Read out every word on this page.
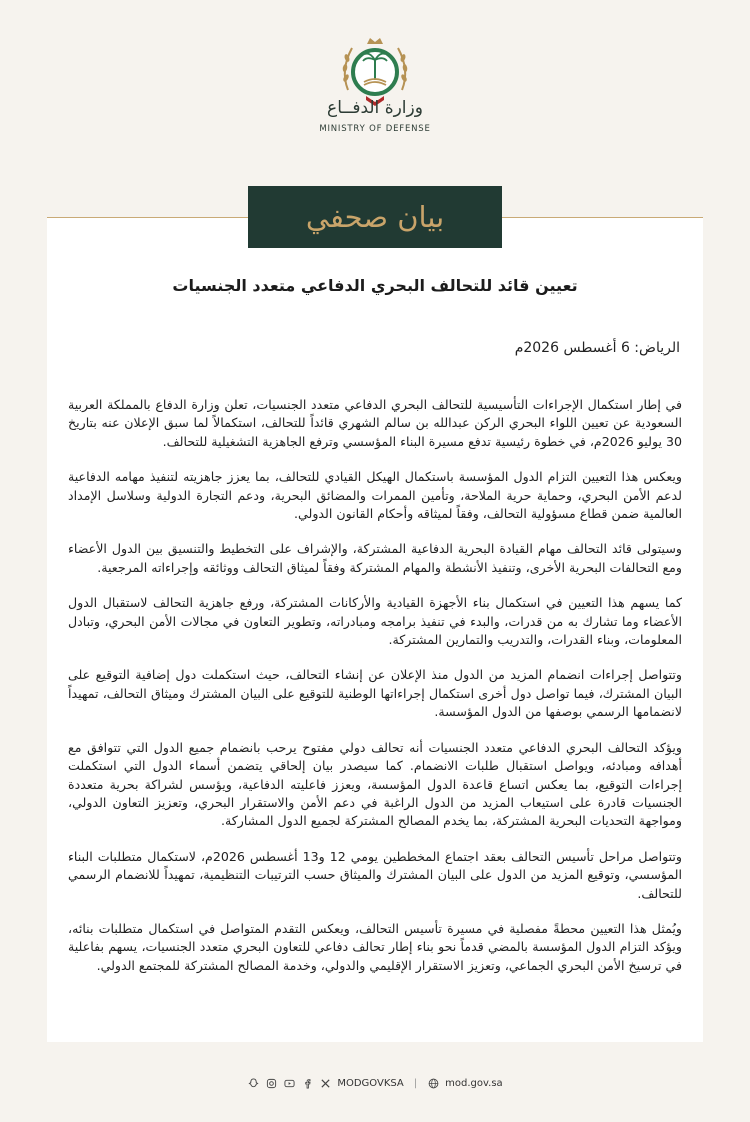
وزارة الدفــاع
MINISTRY OF DEFENSE
بيان صحفي
تعيين قائد للتحالف البحري الدفاعي متعدد الجنسيات
الرياض: 6 أغسطس 2026م

في إطار استكمال الإجراءات التأسيسية للتحالف البحري الدفاعي متعدد الجنسيات، تعلن وزارة الدفاع بالمملكة العربية السعودية عن تعيين اللواء البحري الركن عبدالله بن سالم الشهري قائداً للتحالف، استكمالاً لما سبق الإعلان عنه بتاريخ 30 يوليو 2026م، في خطوة رئيسية تدفع مسيرة البناء المؤسسي وترفع الجاهزية التشغيلية للتحالف.

ويعكس هذا التعيين التزام الدول المؤسسة باستكمال الهيكل القيادي للتحالف، بما يعزز جاهزيته لتنفيذ مهامه الدفاعية لدعم الأمن البحري، وحماية حرية الملاحة، وتأمين الممرات والمضائق البحرية، ودعم التجارة الدولية وسلاسل الإمداد العالمية ضمن قطاع مسؤولية التحالف، وفقاً لميثاقه وأحكام القانون الدولي.

وسيتولى قائد التحالف مهام القيادة البحرية الدفاعية المشتركة، والإشراف على التخطيط والتنسيق بين الدول الأعضاء ومع التحالفات البحرية الأخرى، وتنفيذ الأنشطة والمهام المشتركة وفقاً لميثاق التحالف ووثائقه وإجراءاته المرجعية.

كما يسهم هذا التعيين في استكمال بناء الأجهزة القيادية والأركانات المشتركة، ورفع جاهزية التحالف لاستقبال الدول الأعضاء وما تشارك به من قدرات، والبدء في تنفيذ برامجه ومبادراته، وتطوير التعاون في مجالات الأمن البحري، وتبادل المعلومات، وبناء القدرات، والتدريب والتمارين المشتركة.

وتتواصل إجراءات انضمام المزيد من الدول منذ الإعلان عن إنشاء التحالف، حيث استكملت دول إضافية التوقيع على البيان المشترك، فيما تواصل دول أخرى استكمال إجراءاتها الوطنية للتوقيع على البيان المشترك وميثاق التحالف، تمهيداً لانضمامها الرسمي بوصفها من الدول المؤسسة.

ويؤكد التحالف البحري الدفاعي متعدد الجنسيات أنه تحالف دولي مفتوح يرحب بانضمام جميع الدول التي تتوافق مع أهدافه ومبادئه، ويواصل استقبال طلبات الانضمام. كما سيصدر بيان إلحاقي يتضمن أسماء الدول التي استكملت إجراءات التوقيع، بما يعكس اتساع قاعدة الدول المؤسسة، ويعزز فاعليته الدفاعية، ويؤسس لشراكة بحرية متعددة الجنسيات قادرة على استيعاب المزيد من الدول الراغبة في دعم الأمن والاستقرار البحري، وتعزيز التعاون الدولي، ومواجهة التحديات البحرية المشتركة، بما يخدم المصالح المشتركة لجميع الدول المشاركة.

وتتواصل مراحل تأسيس التحالف بعقد اجتماع المخططين يومي 12 و13 أغسطس 2026م، لاستكمال متطلبات البناء المؤسسي، وتوقيع المزيد من الدول على البيان المشترك والميثاق حسب الترتيبات التنظيمية، تمهيداً للانضمام الرسمي للتحالف.

ويُمثل هذا التعيين محطةً مفصلية في مسيرة تأسيس التحالف، ويعكس التقدم المتواصل في استكمال متطلبات بنائه، ويؤكد التزام الدول المؤسسة بالمضي قدماً نحو بناء إطار تحالف دفاعي للتعاون البحري متعدد الجنسيات، يسهم بفاعلية في ترسيخ الأمن البحري الجماعي، وتعزيز الاستقرار الإقليمي والدولي، وخدمة المصالح المشتركة للمجتمع الدولي.

MODGOVKSA |	mod.gov.sa
